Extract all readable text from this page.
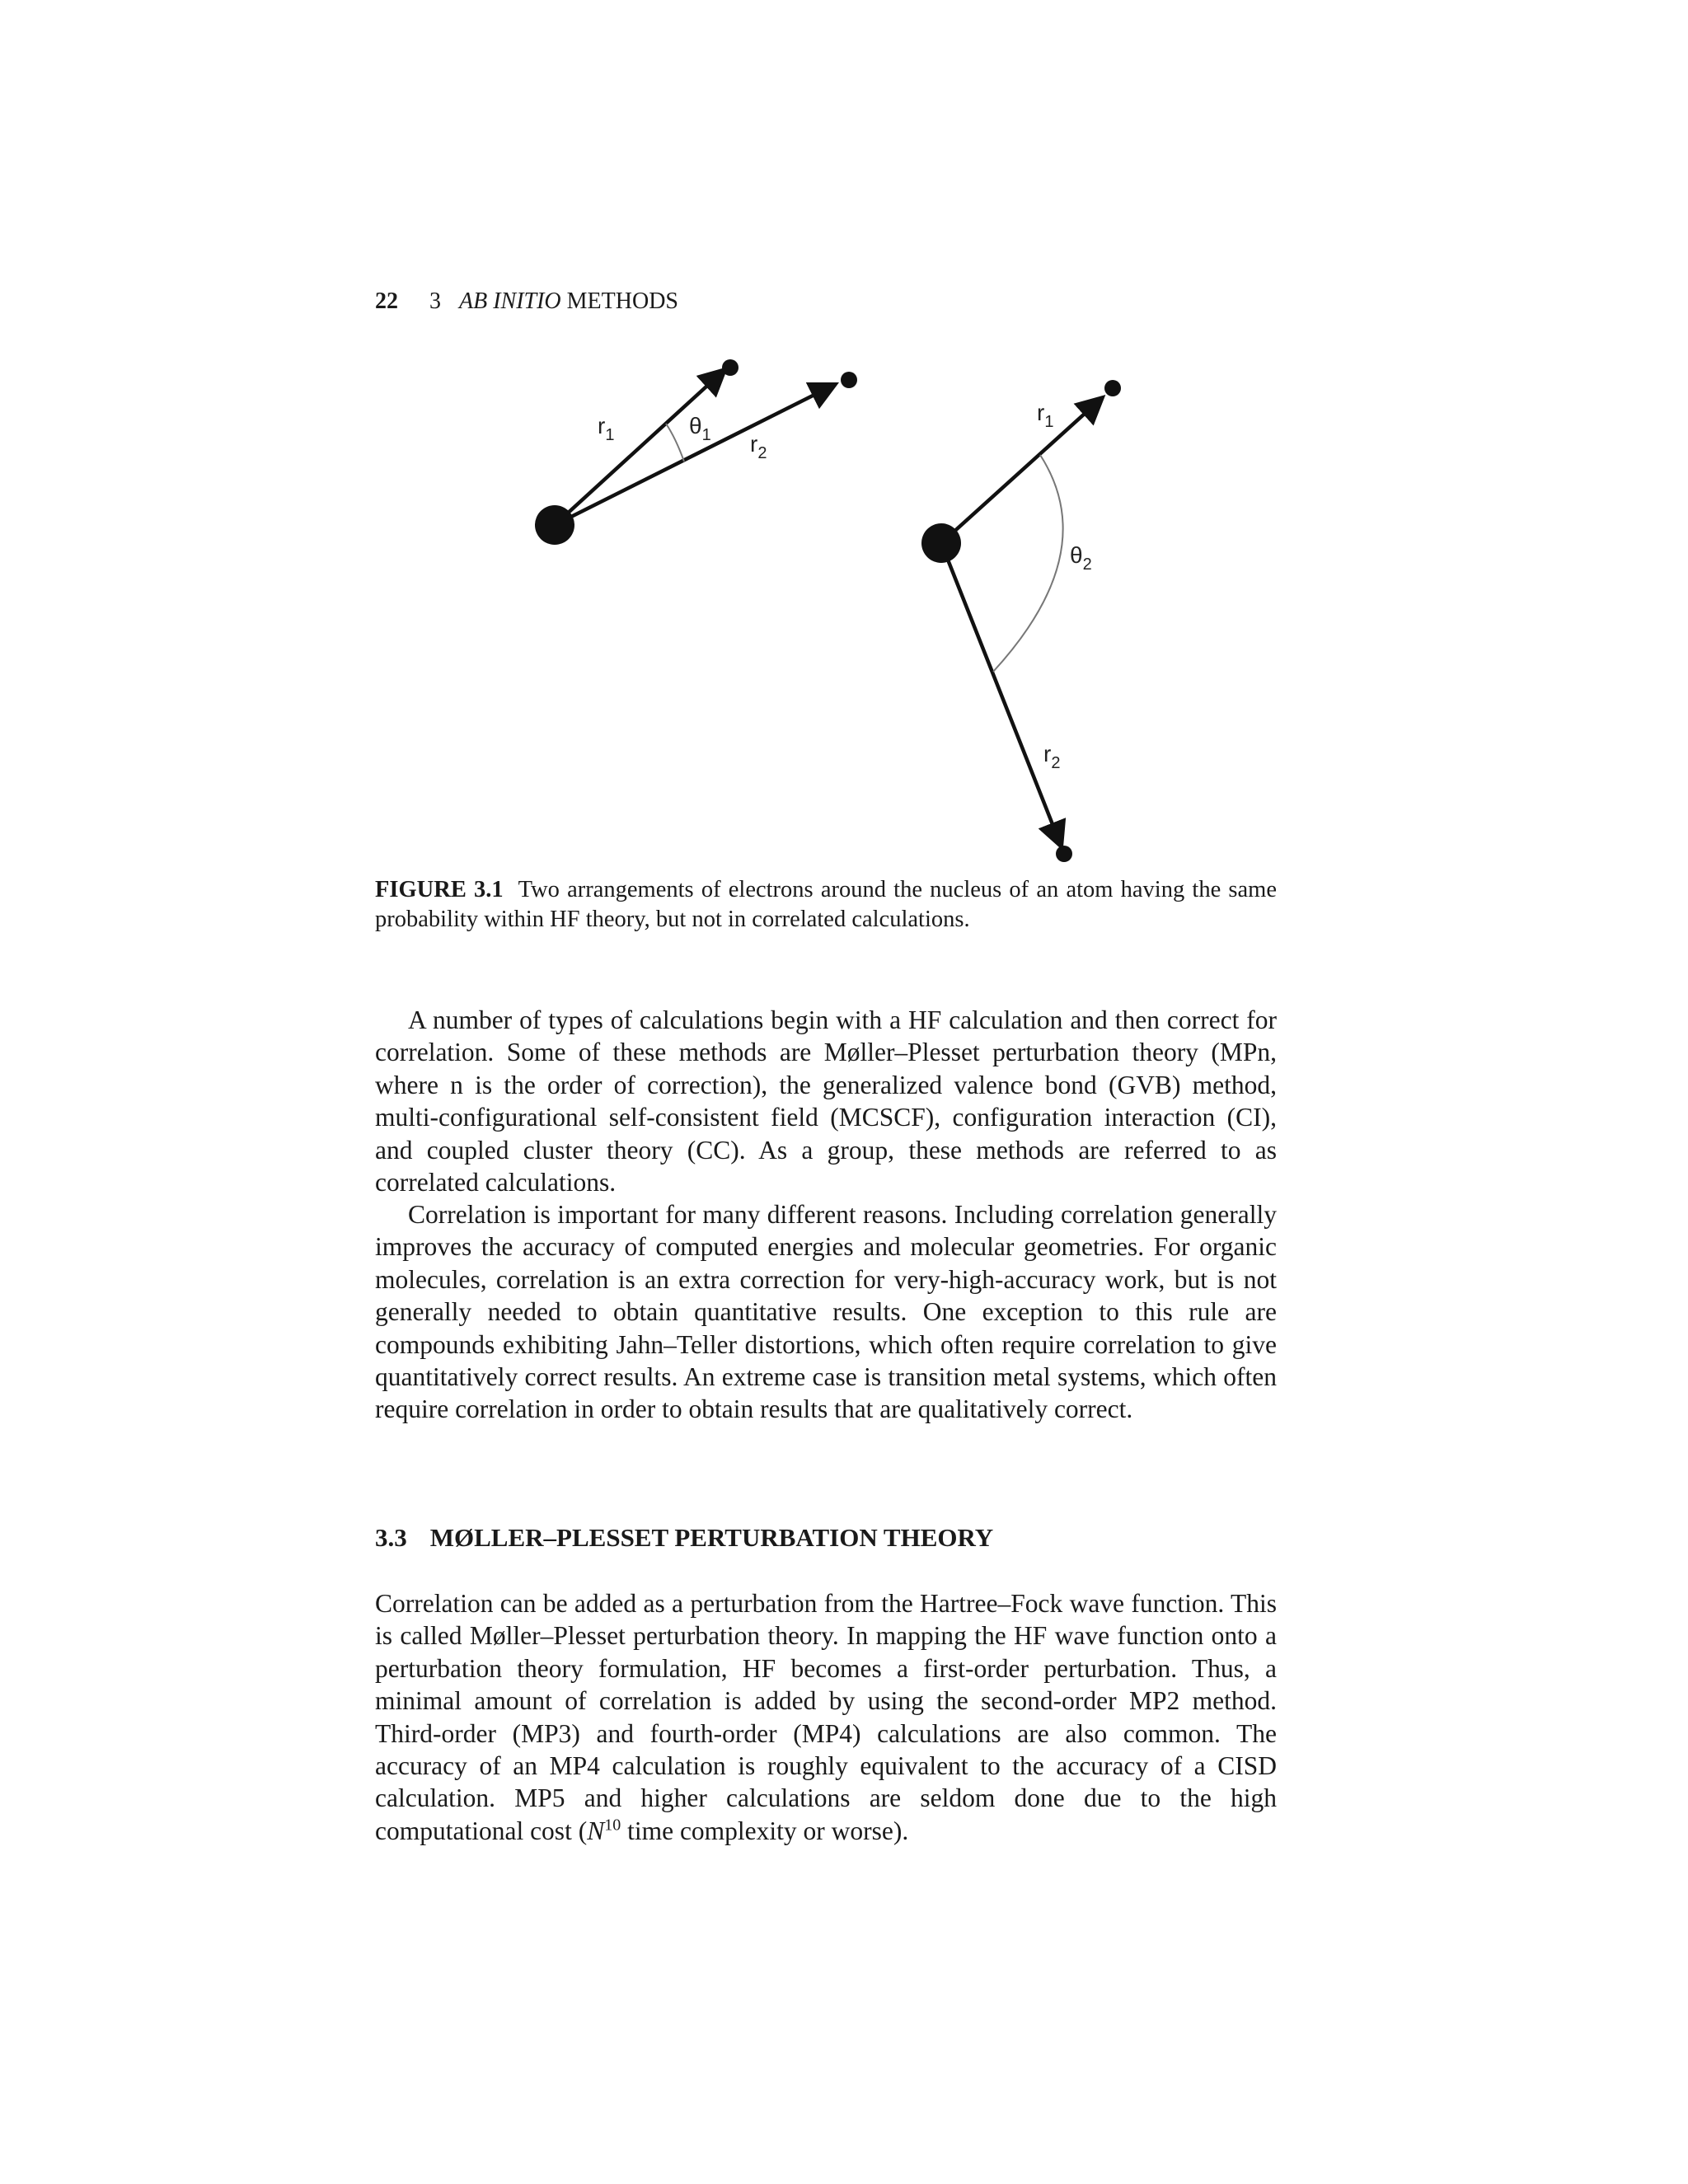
22 3 AB INITIO METHODS
$r_1$	$\theta_1$ $r_2$
$r_1$
$\theta_2$
$r_2$
FIGURE 3.1 Two arrangements of electrons around the nucleus of an atom having the same probability within HF theory, but not in correlated calculations.

A number of types of calculations begin with a HF calculation and then correct for correlation. Some of these methods are Møller–Plesset perturbation theory (MPn, where n is the order of correction), the generalized valence bond (GVB) method, multi-configurational self-consistent field (MCSCF), configuration interaction (CI), and coupled cluster theory (CC). As a group, these methods are referred to as correlated calculations.

Correlation is important for many different reasons. Including correlation generally improves the accuracy of computed energies and molecular geometries. For organic molecules, correlation is an extra correction for very-high-accuracy work, but is not generally needed to obtain quantitative results. One exception to this rule are compounds exhibiting Jahn–Teller distortions, which often require correlation to give quantitatively correct results. An extreme case is transition metal systems, which often require correlation in order to obtain results that are qualitatively correct.

3.3 MØLLER–PLESSET PERTURBATION THEORY

Correlation can be added as a perturbation from the Hartree–Fock wave function. This is called Møller–Plesset perturbation theory. In mapping the HF wave function onto a perturbation theory formulation, HF becomes a first-order perturbation. Thus, a minimal amount of correlation is added by using the second-order MP2 method. Third-order (MP3) and fourth-order (MP4) calculations are also common. The accuracy of an MP4 calculation is roughly equivalent to the accuracy of a CISD calculation. MP5 and higher calculations are seldom done due to the high computational cost ($N^{10}$ time complexity or worse).
